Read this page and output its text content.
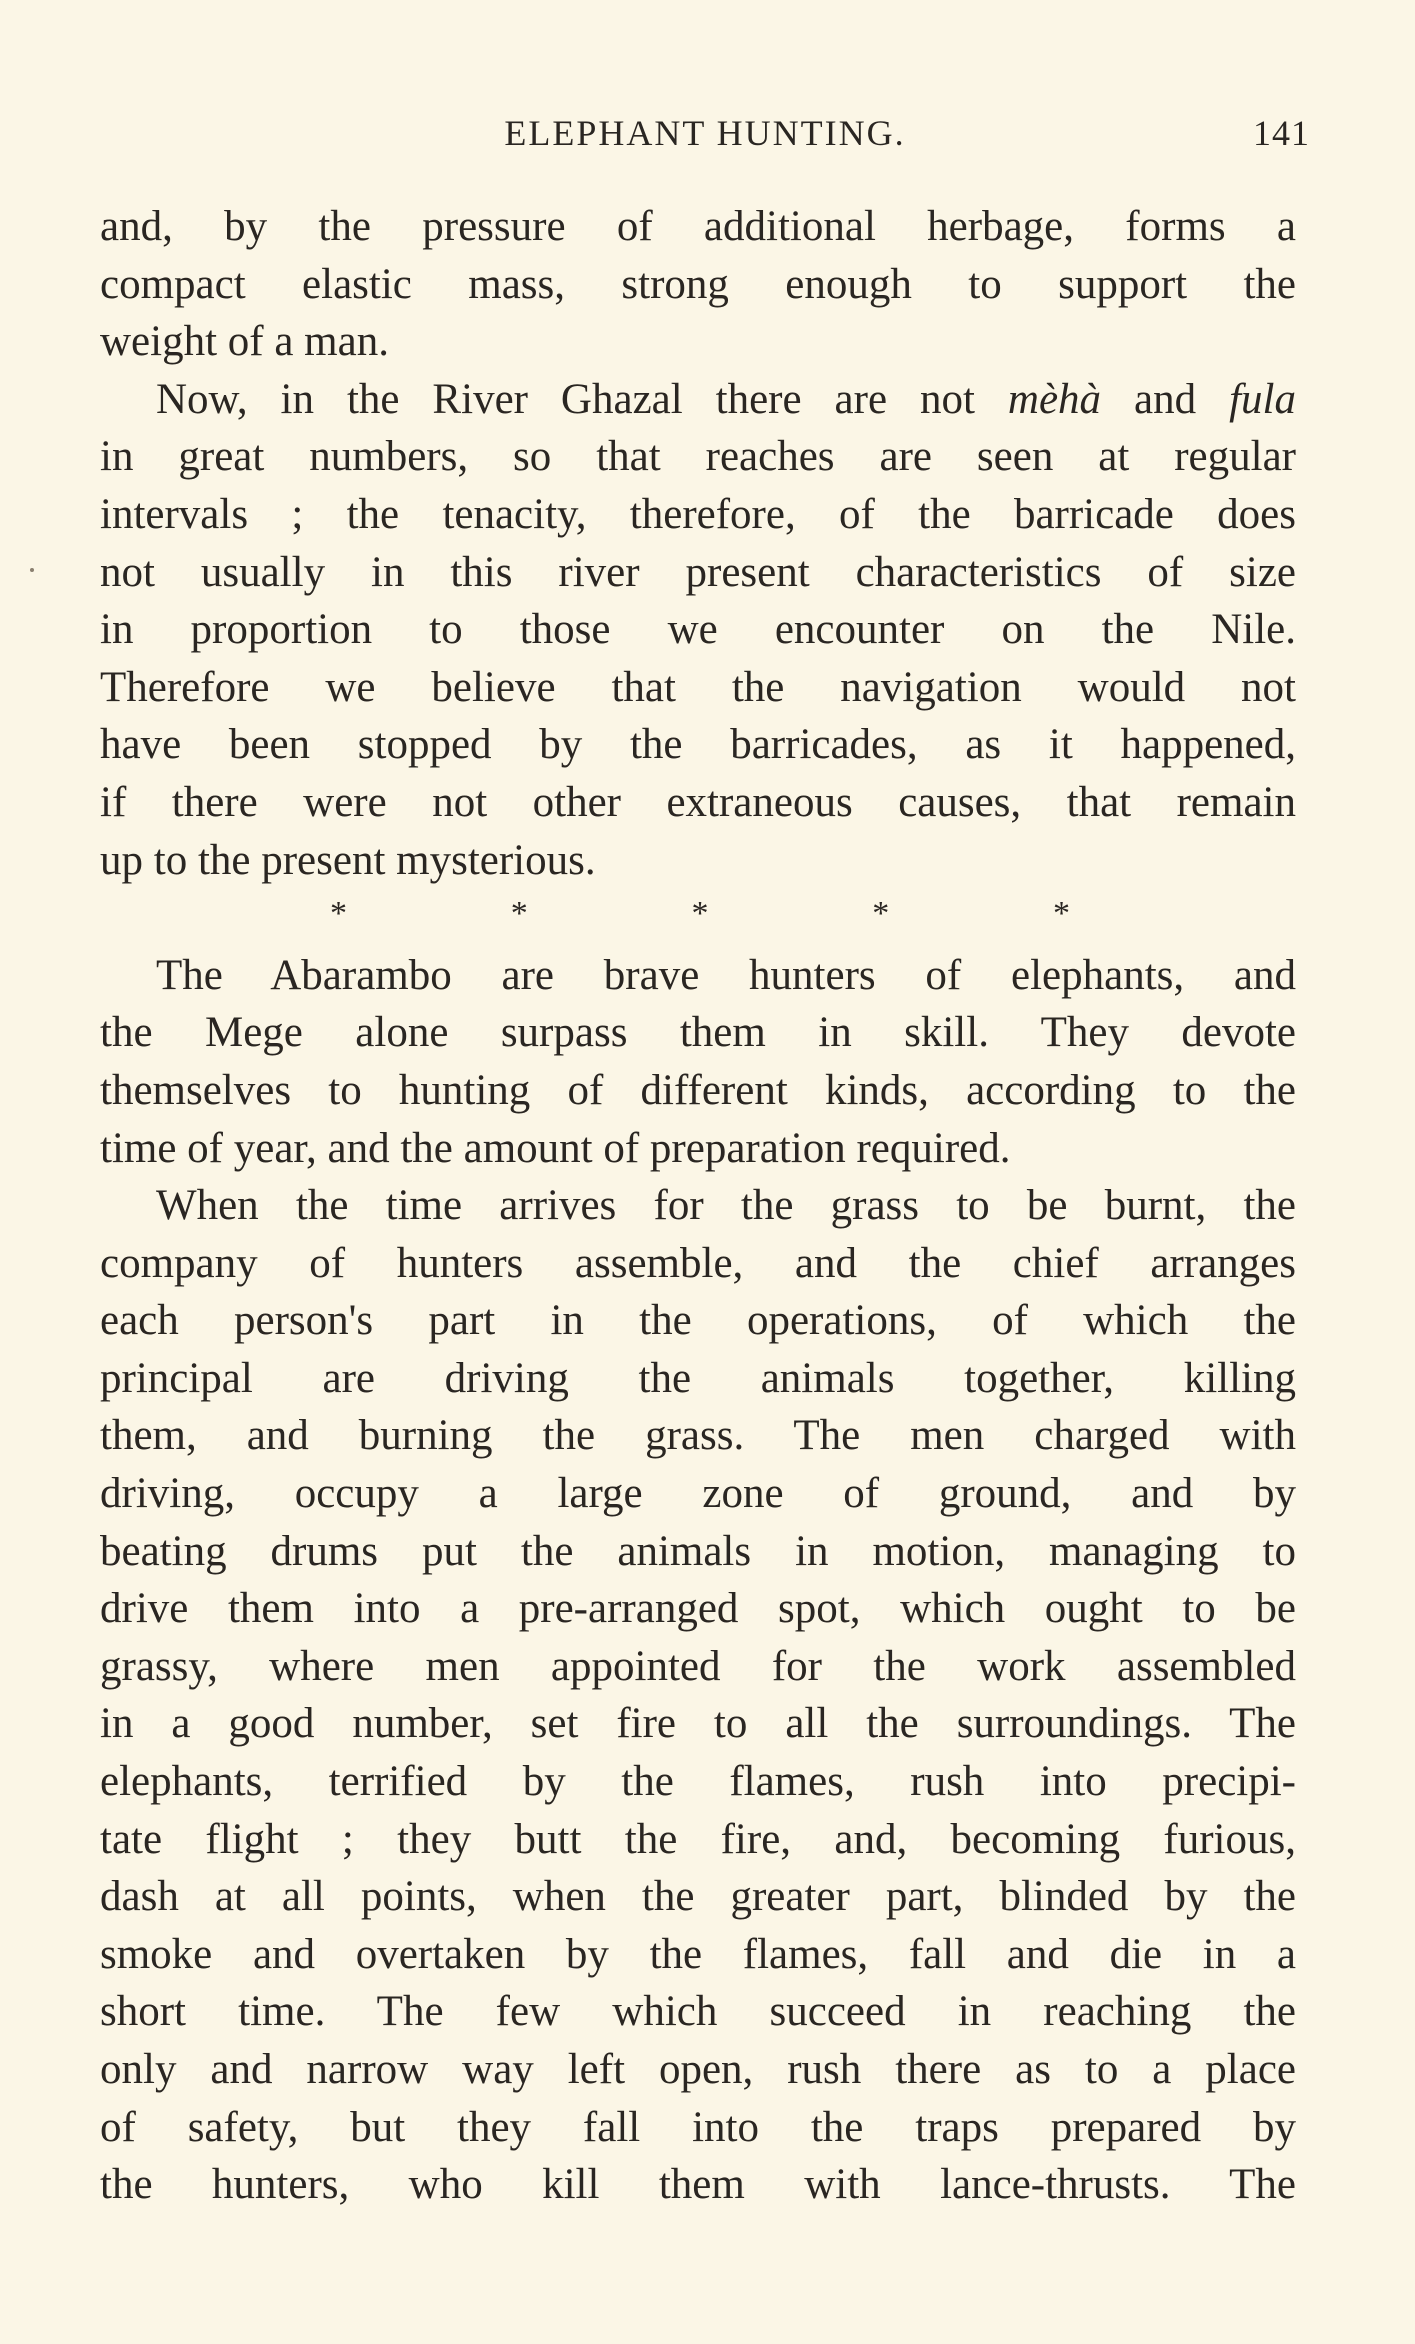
ELEPHANT HUNTING.	141
and, by the pressure of additional herbage, forms a
compact elastic mass, strong enough to support the
weight of a man.
Now, in the River Ghazal there are not mèhà and fula
in great numbers, so that reaches are seen at regular
intervals ; the tenacity, therefore, of the barricade does
not usually in this river present characteristics of size
in proportion to those we encounter on the Nile.
Therefore we believe that the navigation would not
have been stopped by the barricades, as it happened,
if there were not other extraneous causes, that remain
up to the present mysterious.
*	*	*	*	*
The Abarambo are brave hunters of elephants, and
the Mege alone surpass them in skill. They devote
themselves to hunting of different kinds, according to the
time of year, and the amount of preparation required.
When the time arrives for the grass to be burnt, the
company of hunters assemble, and the chief arranges
each person's part in the operations, of which the
principal are driving the animals together, killing
them, and burning the grass. The men charged with
driving, occupy a large zone of ground, and by
beating drums put the animals in motion, managing to
drive them into a pre-arranged spot, which ought to be
grassy, where men appointed for the work assembled
in a good number, set fire to all the surroundings. The
elephants, terrified by the flames, rush into precipi-
tate flight ; they butt the fire, and, becoming furious,
dash at all points, when the greater part, blinded by the
smoke and overtaken by the flames, fall and die in a
short time. The few which succeed in reaching the
only and narrow way left open, rush there as to a place
of safety, but they fall into the traps prepared by
the hunters, who kill them with lance-thrusts. The
